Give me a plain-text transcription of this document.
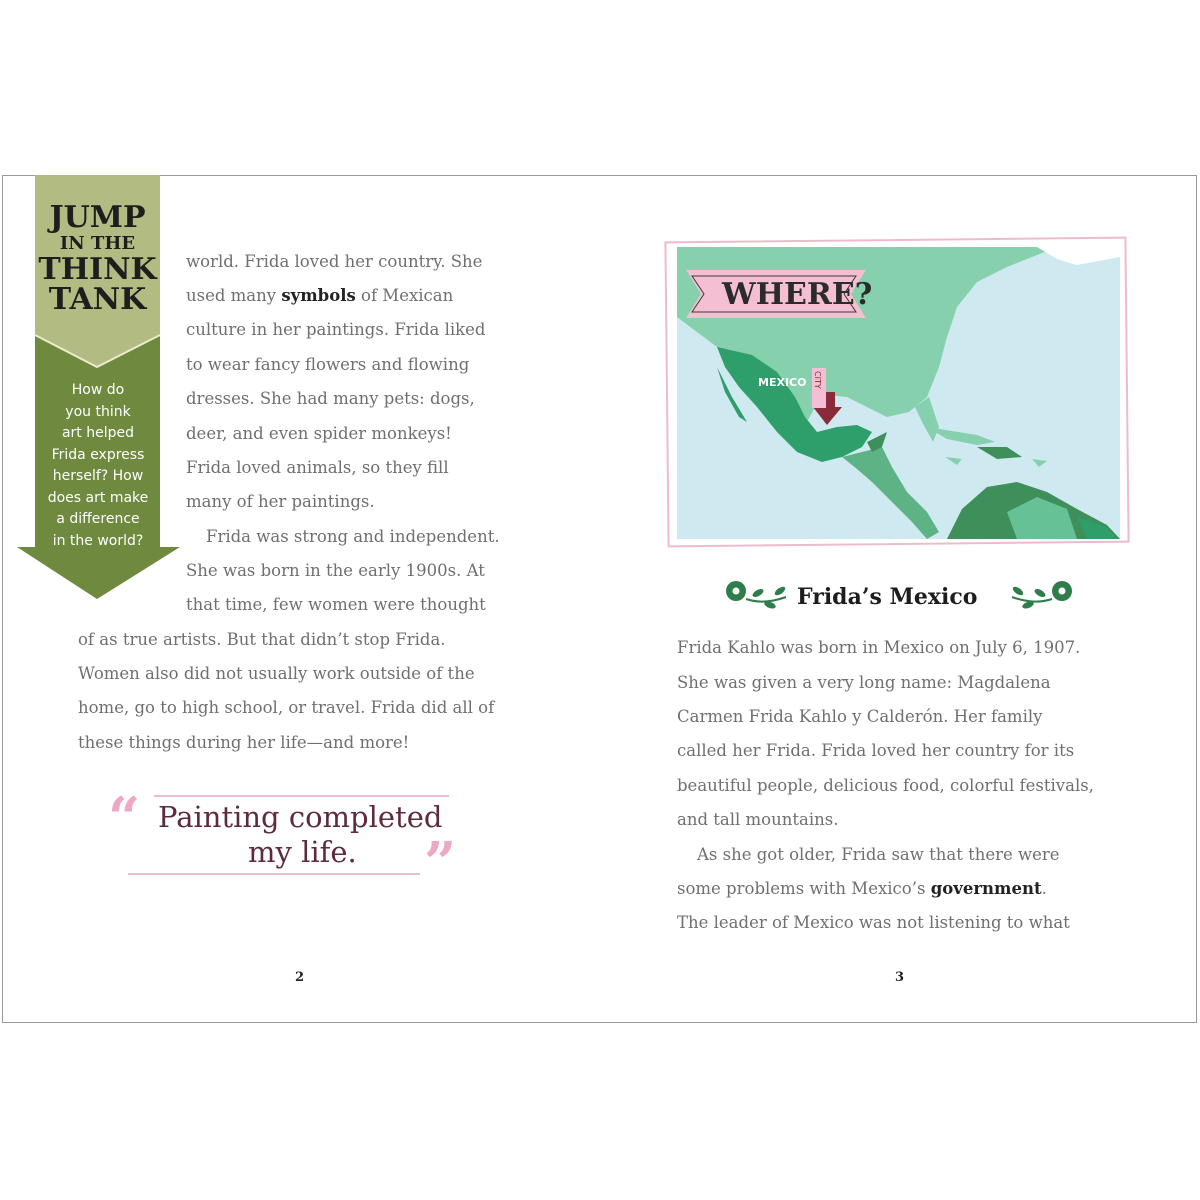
JUMP
IN THE
THINK
TANK
How do
you think
art helped
Frida express
herself? How
does art make
a difference
in the world?

world. Frida loved her country. She

used many symbols of Mexican

culture in her paintings. Frida liked

to wear fancy flowers and flowing

dresses. She had many pets: dogs,

deer, and even spider monkeys!

Frida loved animals, so they fill

many of her paintings.

Frida was strong and independent.

She was born in the early 1900s. At

that time, few women were thought

of as true artists. But that didn’t stop Frida.

Women also did not usually work outside of the

home, go to high school, or travel. Frida did all of

these things during her life—and more!

“ Painting completed
my life. ”
2
WHERE?
MEXICO CITY
Frida’s Mexico

Frida Kahlo was born in Mexico on July 6, 1907.

She was given a very long name: Magdalena

Carmen Frida Kahlo y Calderón. Her family

called her Frida. Frida loved her country for its

beautiful people, delicious food, colorful festivals,

and tall mountains.

As she got older, Frida saw that there were

some problems with Mexico’s government.

The leader of Mexico was not listening to what

3
